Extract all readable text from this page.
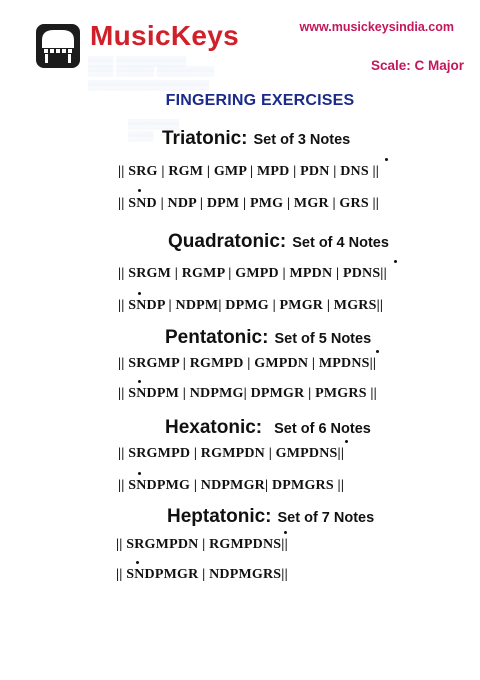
MusicKeys
▒▒▒▒ ▒▒▒▒▒▒▒▒▒▒▒
▒▒▒▒ ▒▒▒▒▒▒ ▒▒▒▒▒▒▒▒▒
▒▒▒▒▒▒▒▒▒▒▒▒▒▒▒▒▒▒▒
▒▒▒▒▒▒▒▒
▒▒▒▒
www.musickeysindia.com
Scale: C Major
FINGERING EXERCISES
Triatonic: Set of 3 Notes
|| SRG | RGM | GMP | MPD | PDN | DNS ||
|| SND | NDP | DPM | PMG | MGR | GRS ||
Quadratonic: Set of 4 Notes
|| SRGM | RGMP | GMPD | MPDN | PDNS||
|| SNDP | NDPM| DPMG | PMGR | MGRS||
Pentatonic: Set of 5 Notes
|| SRGMP | RGMPD | GMPDN | MPDNS||
|| SNDPM | NDPMG| DPMGR | PMGRS ||
Hexatonic: Set of 6 Notes
|| SRGMPD | RGMPDN | GMPDNS||
|| SNDPMG | NDPMGR| DPMGRS ||
Heptatonic: Set of 7 Notes
|| SRGMPDN | RGMPDNS||
|| SNDPMGR | NDPMGRS||
